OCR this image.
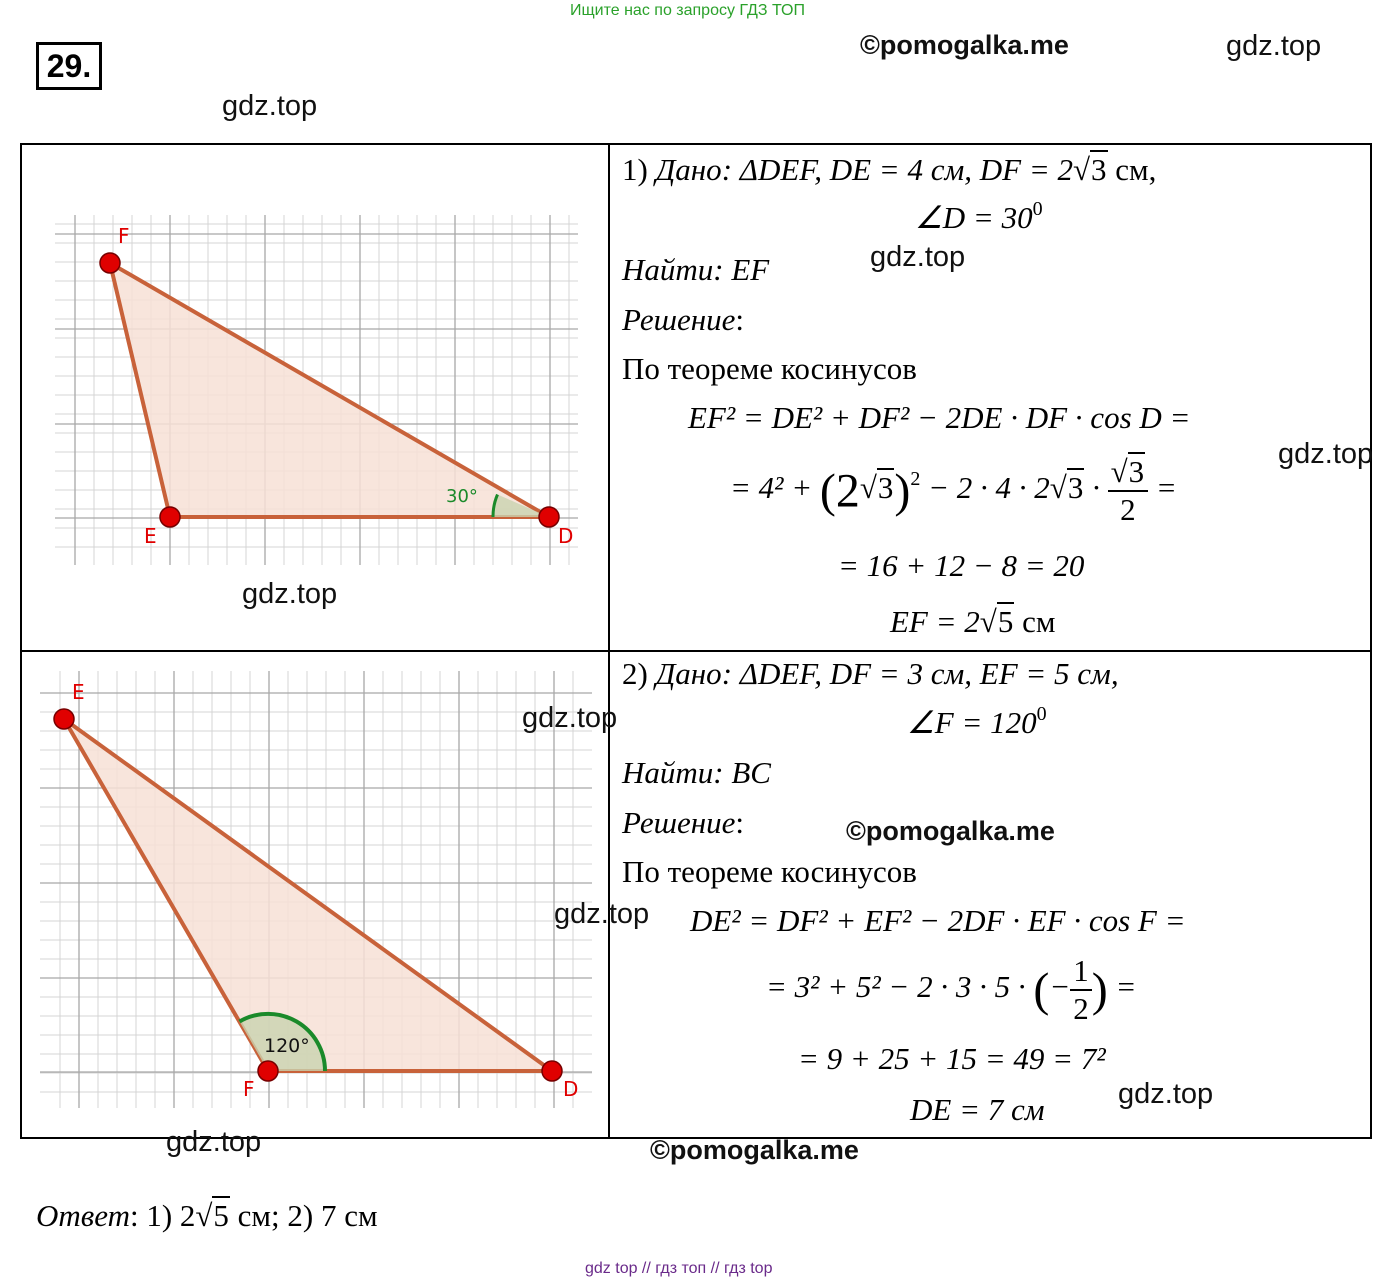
Ищите нас по запросу ГДЗ ТОП
gdz top // гдз топ // гдз top
29.
©pomogalka.me	gdz.top
gdz.top
30°
F
E	D
gdz.top
120°
E
F	D
gdz.top
1) Дано: ΔDEF, DE = 4 см, DF = 2√3 см,
∠D = $30^0$
gdz.top
Найти: EF
Решение:
По теореме косинусов
EF² = DE² + DF² − 2DE · DF · cos D =
gdz.top
= $4^2 + (2√3)^2 - 2 \cdot 4 \cdot 2√3 \cdot \frac{√3}{2}$ =
= 16 + 12 − 8 = 20
EF = 2√5 см
2) Дано: ΔDEF, DF = 3 см, EF = 5 см,
gdz.top	∠F = $120^0$
Найти: BC
Решение:	©pomogalka.me
По теореме косинусов
gdz.top DE² = DF² + EF² − 2DF · EF · cos F =
= 3² + 5² − 2 · 3 · 5 · (− $\frac{1}{2}$ ) =
= 9 + 25 + 15 = 49 = 7²
gdz.top
DE = 7 см
©pomogalka.me
Ответ: 1) 2√5 см; 2) 7 см
